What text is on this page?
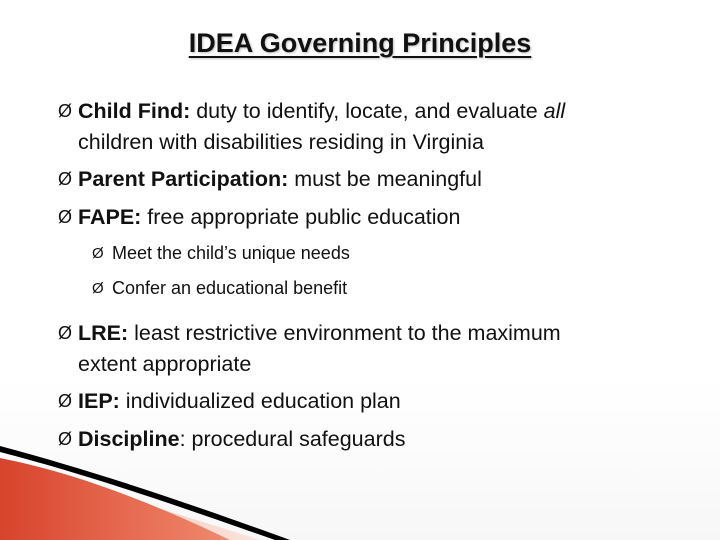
IDEA Governing Principles
Ø Child Find: duty to identify, locate, and evaluate all
children with disabilities residing in Virginia
Ø Parent Participation: must be meaningful
Ø FAPE: free appropriate public education
Ø Meet the child’s unique needs
Ø Confer an educational benefit
Ø LRE: least restrictive environment to the maximum
extent appropriate
Ø IEP: individualized education plan
Ø Discipline: procedural safeguards
